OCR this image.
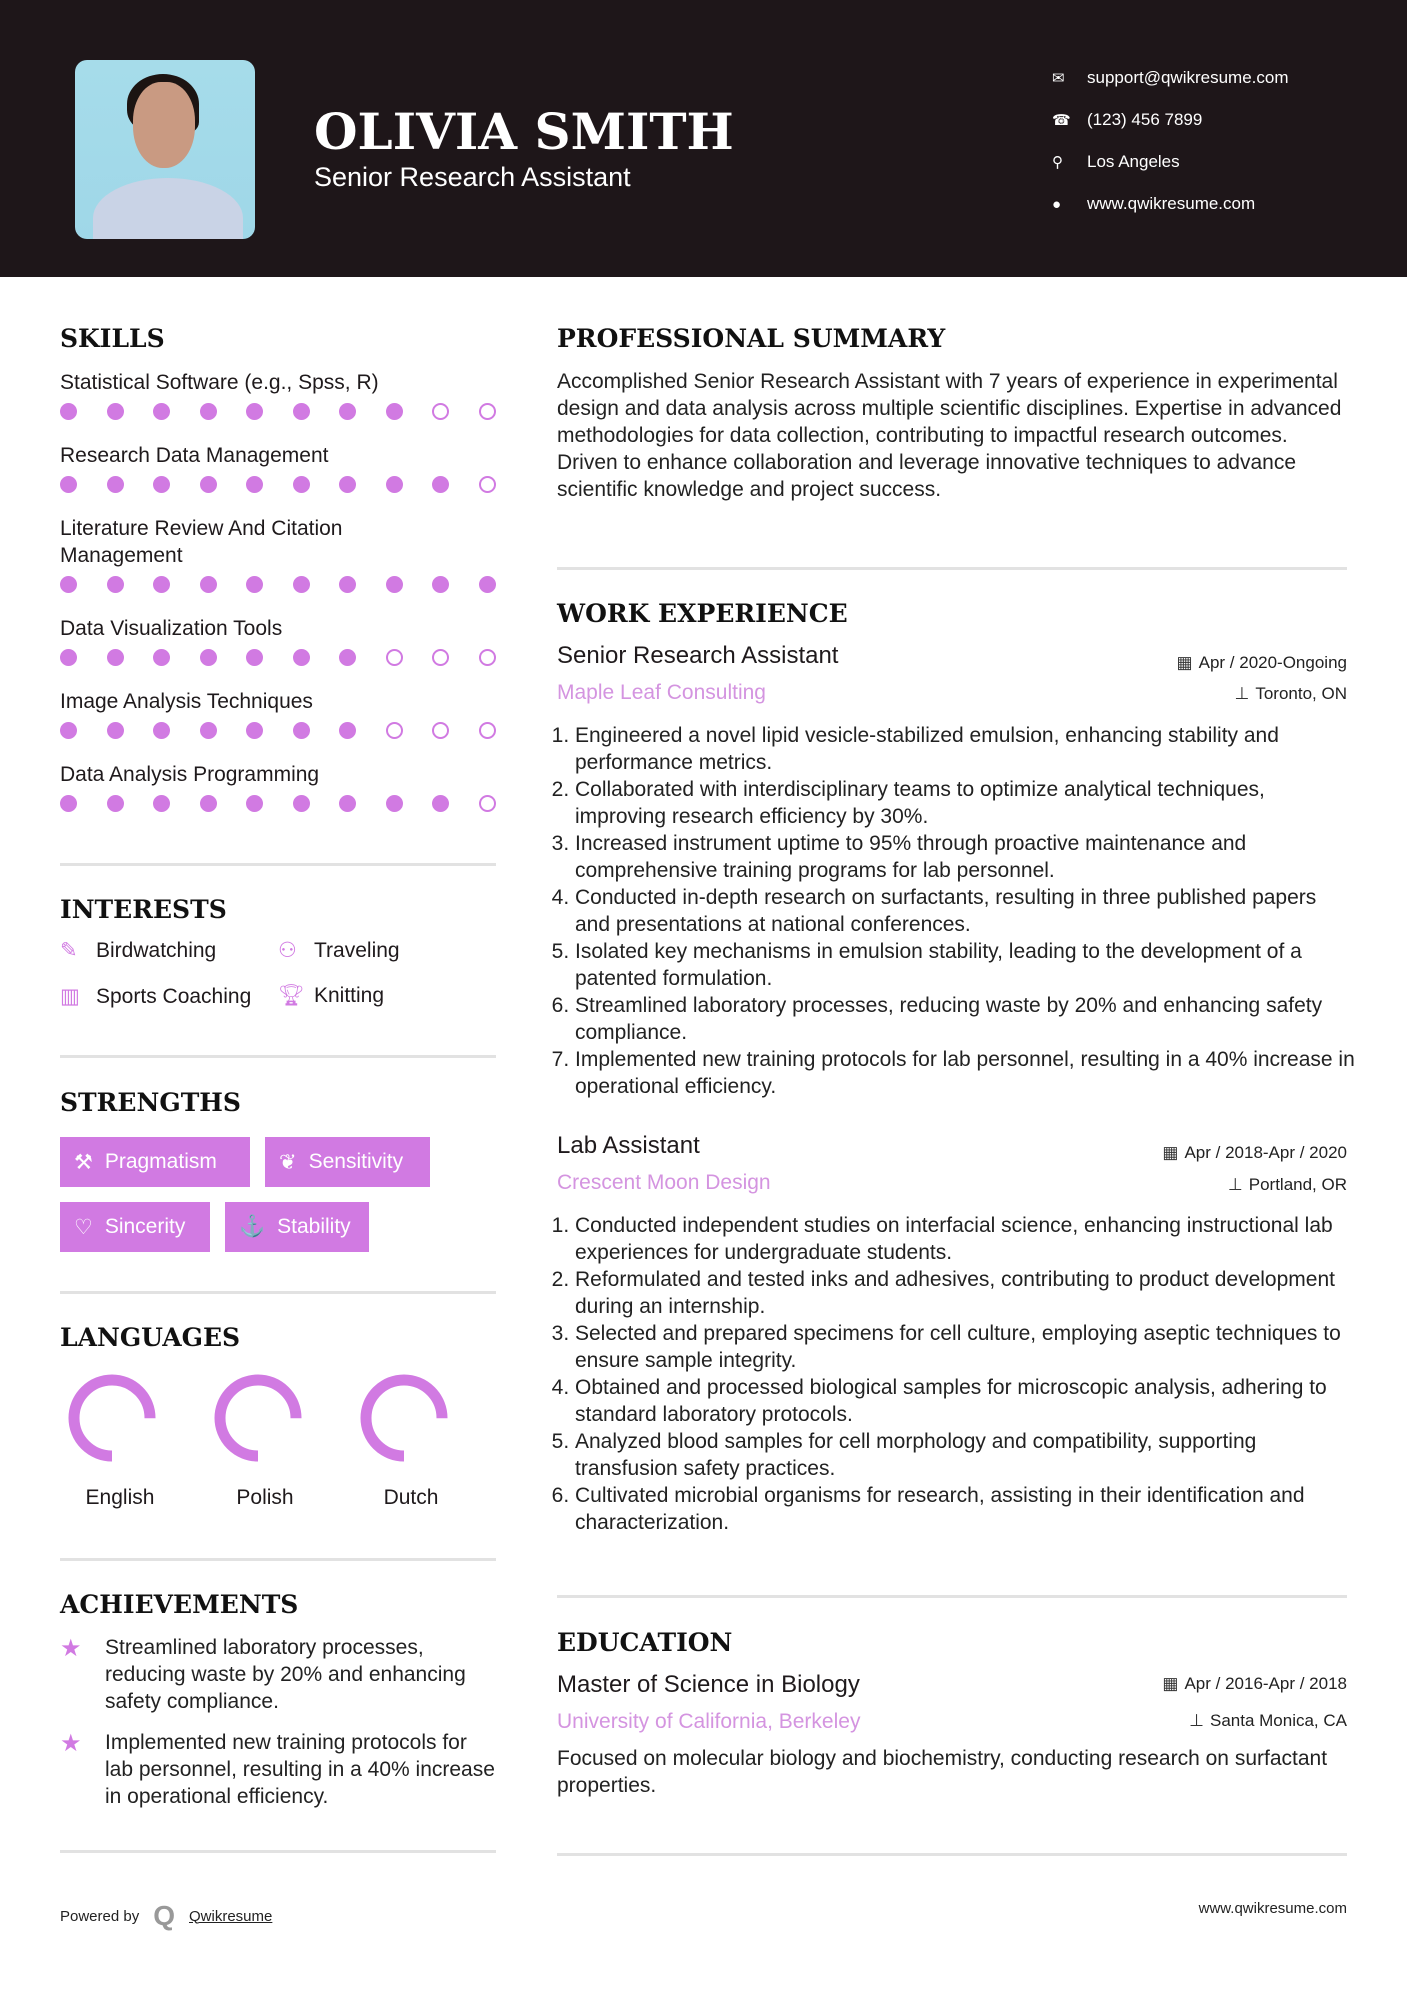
OLIVIA SMITH
Senior Research Assistant
✉	support@qwikresume.com
☎ (123) 456 7899
⚲	Los Angeles
●	www.qwikresume.com
SKILLS
Statistical Software (e.g., Spss, R)
Research Data Management
Literature Review And Citation Management
Data Visualization Tools
Image Analysis Techniques
Data Analysis Programming
INTERESTS
✎ Birdwatching	⚇ Traveling
▥ Sports Coaching 🏆︎ Knitting
STRENGTHS
⚒ Pragmatism	❦ Sensitivity
♡ Sincerity	⚓ Stability
LANGUAGES
English	Polish	Dutch
ACHIEVEMENTS
★	Streamlined laboratory processes, reducing waste by 20% and enhancing safety compliance.
★	Implemented new training protocols for lab personnel, resulting in a 40% increase in operational efficiency.
PROFESSIONAL SUMMARY
Accomplished Senior Research Assistant with 7 years of experience in experimental design and data analysis across multiple scientific disciplines. Expertise in advanced methodologies for data collection, contributing to impactful research outcomes. Driven to enhance collaboration and leverage innovative techniques to advance scientific knowledge and project success.
WORK EXPERIENCE
Senior Research Assistant
Maple Leaf Consulting
▦ Apr / 2020-Ongoing
⊥ Toronto, ON
1. Engineered a novel lipid vesicle-stabilized emulsion, enhancing stability and performance metrics.
2. Collaborated with interdisciplinary teams to optimize analytical techniques, improving research efficiency by 30%.
3. Increased instrument uptime to 95% through proactive maintenance and comprehensive training programs for lab personnel.
4. Conducted in-depth research on surfactants, resulting in three published papers and presentations at national conferences.
5. Isolated key mechanisms in emulsion stability, leading to the development of a patented formulation.
6. Streamlined laboratory processes, reducing waste by 20% and enhancing safety compliance.
7. Implemented new training protocols for lab personnel, resulting in a 40% increase in operational efficiency.
Lab Assistant
Crescent Moon Design
▦ Apr / 2018-Apr / 2020
⊥ Portland, OR
1. Conducted independent studies on interfacial science, enhancing instructional lab experiences for undergraduate students.
2. Reformulated and tested inks and adhesives, contributing to product development during an internship.
3. Selected and prepared specimens for cell culture, employing aseptic techniques to ensure sample integrity.
4. Obtained and processed biological samples for microscopic analysis, adhering to standard laboratory protocols.
5. Analyzed blood samples for cell morphology and compatibility, supporting transfusion safety practices.
6. Cultivated microbial organisms for research, assisting in their identification and characterization.
EDUCATION
Master of Science in Biology
University of California, Berkeley
▦ Apr / 2016-Apr / 2018
⊥ Santa Monica, CA
Focused on molecular biology and biochemistry, conducting research on surfactant properties.
Powered by Q Qwikresume	www.qwikresume.com
